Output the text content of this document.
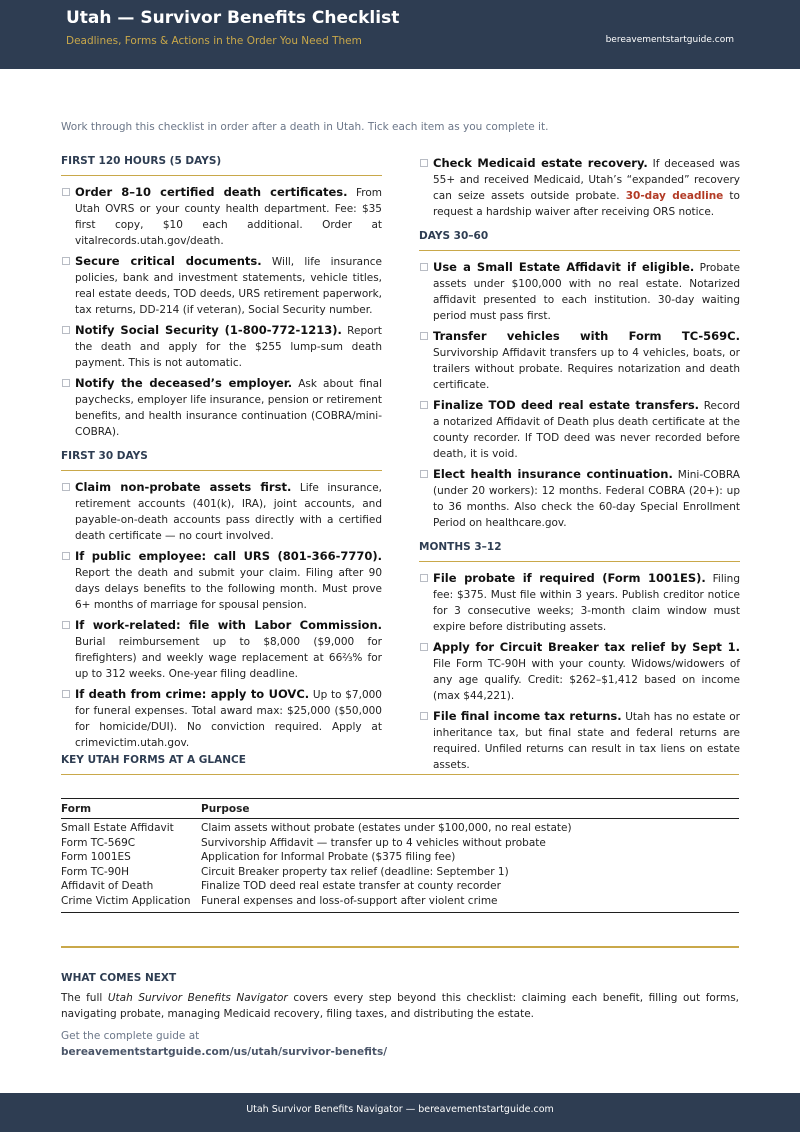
Utah — Survivor Benefits Checklist
Deadlines, Forms & Actions in the Order You Need Them	bereavementstartguide.com
Work through this checklist in order after a death in Utah. Tick each item as you complete it.
FIRST 120 HOURS (5 DAYS)
Order 8–10 certified death certificates. From Utah OVRS or your county health department. Fee: $35 first copy, $10 each additional. Order at vitalrecords.utah.gov/death.
Secure critical documents. Will, life insurance policies, bank and investment statements, vehicle titles, real estate deeds, TOD deeds, URS retirement paperwork, tax returns, DD-214 (if veteran), Social Security number.
Notify Social Security (1-800-772-1213). Report the death and apply for the $255 lump-sum death payment. This is not automatic.
Notify the deceased’s employer. Ask about final paychecks, employer life insurance, pension or retirement benefits, and health insurance continuation (COBRA/mini-COBRA).
FIRST 30 DAYS
Claim non-probate assets first. Life insurance, retirement accounts (401(k), IRA), joint accounts, and payable-on-death accounts pass directly with a certified death certificate — no court involved.
If public employee: call URS (801-366-7770). Report the death and submit your claim. Filing after 90 days delays benefits to the following month. Must prove 6+ months of marriage for spousal pension.
If work-related: file with Labor Commission. Burial reimbursement up to $8,000 ($9,000 for firefighters) and weekly wage replacement at 66⅔% for up to 312 weeks. One-year filing deadline.
If death from crime: apply to UOVC. Up to $7,000 for funeral expenses. Total award max: $25,000 ($50,000 for homicide/DUI). No conviction required. Apply at crimevictim.utah.gov.
Check Medicaid estate recovery. If deceased was 55+ and received Medicaid, Utah’s “expanded” recovery can seize assets outside probate. 30-day deadline to request a hardship waiver after receiving ORS notice.
DAYS 30–60
Use a Small Estate Affidavit if eligible. Probate assets under $100,000 with no real estate. Notarized affidavit presented to each institution. 30-day waiting period must pass first.
Transfer vehicles with Form TC-569C. Survivorship Affidavit transfers up to 4 vehicles, boats, or trailers without probate. Requires notarization and death certificate.
Finalize TOD deed real estate transfers. Record a notarized Affidavit of Death plus death certificate at the county recorder. If TOD deed was never recorded before death, it is void.
Elect health insurance continuation. Mini-COBRA (under 20 workers): 12 months. Federal COBRA (20+): up to 36 months. Also check the 60-day Special Enrollment Period on healthcare.gov.
MONTHS 3–12
File probate if required (Form 1001ES). Filing fee: $375. Must file within 3 years. Publish creditor notice for 3 consecutive weeks; 3-month claim window must expire before distributing assets.
Apply for Circuit Breaker tax relief by Sept 1. File Form TC-90H with your county. Widows/widowers of any age qualify. Credit: $262–$1,412 based on income (max $44,221).
File final income tax returns. Utah has no estate or inheritance tax, but final state and federal returns are required. Unfiled returns can result in tax liens on estate assets.
KEY UTAH FORMS AT A GLANCE
Form	Purpose
Small Estate Affidavit	Claim assets without probate (estates under $100,000, no real estate)
Form TC-569C	Survivorship Affidavit — transfer up to 4 vehicles without probate
Form 1001ES	Application for Informal Probate ($375 filing fee)
Form TC-90H	Circuit Breaker property tax relief (deadline: September 1)
Affidavit of Death	Finalize TOD deed real estate transfer at county recorder
Crime Victim Application	Funeral expenses and loss-of-support after violent crime
WHAT COMES NEXT
The full Utah Survivor Benefits Navigator covers every step beyond this checklist: claiming each benefit, filling out forms, navigating probate, managing Medicaid recovery, filing taxes, and distributing the estate.
Get the complete guide at
bereavementstartguide.com/us/utah/survivor-benefits/
Utah Survivor Benefits Navigator — bereavementstartguide.com
